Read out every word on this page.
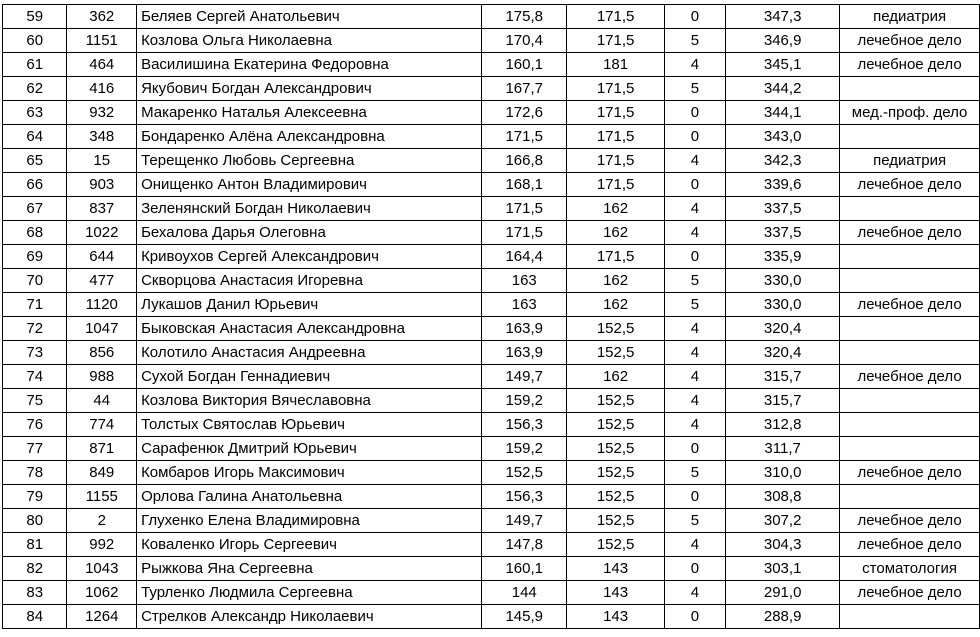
59	362	Беляев Сергей Анатольевич	175,8	171,5	0	347,3	педиатрия
60	1151	Козлова Ольга Николаевна	170,4	171,5	5	346,9	лечебное дело
61	464	Василишина Екатерина Федоровна	160,1	181	4	345,1	лечебное дело
62	416	Якубович Богдан Александрович	167,7	171,5	5	344,2	
63	932	Макаренко Наталья Алексеевна	172,6	171,5	0	344,1	мед.-проф. дело
64	348	Бондаренко Алёна Александровна	171,5	171,5	0	343,0	
65	15	Терещенко Любовь Сергеевна	166,8	171,5	4	342,3	педиатрия
66	903	Онищенко Антон Владимирович	168,1	171,5	0	339,6	лечебное дело
67	837	Зеленянский Богдан Николаевич	171,5	162	4	337,5	
68	1022	Бехалова Дарья Олеговна	171,5	162	4	337,5	лечебное дело
69	644	Кривоухов Сергей Александрович	164,4	171,5	0	335,9	
70	477	Скворцова Анастасия Игоревна	163	162	5	330,0	
71	1120	Лукашов Данил Юрьевич	163	162	5	330,0	лечебное дело
72	1047	Быковская Анастасия Александровна	163,9	152,5	4	320,4	
73	856	Колотило Анастасия Андреевна	163,9	152,5	4	320,4	
74	988	Сухой Богдан Геннадиевич	149,7	162	4	315,7	лечебное дело
75	44	Козлова Виктория Вячеславовна	159,2	152,5	4	315,7	
76	774	Толстых Святослав Юрьевич	156,3	152,5	4	312,8	
77	871	Сарафенюк Дмитрий Юрьевич	159,2	152,5	0	311,7	
78	849	Комбаров Игорь Максимович	152,5	152,5	5	310,0	лечебное дело
79	1155	Орлова Галина Анатольевна	156,3	152,5	0	308,8	
80	2	Глухенко Елена Владимировна	149,7	152,5	5	307,2	лечебное дело
81	992	Коваленко Игорь Сергеевич	147,8	152,5	4	304,3	лечебное дело
82	1043	Рыжкова Яна Сергеевна	160,1	143	0	303,1	стоматология
83	1062	Турленко Людмила Сергеевна	144	143	4	291,0	лечебное дело
84	1264	Стрелков Александр Николаевич	145,9	143	0	288,9	
